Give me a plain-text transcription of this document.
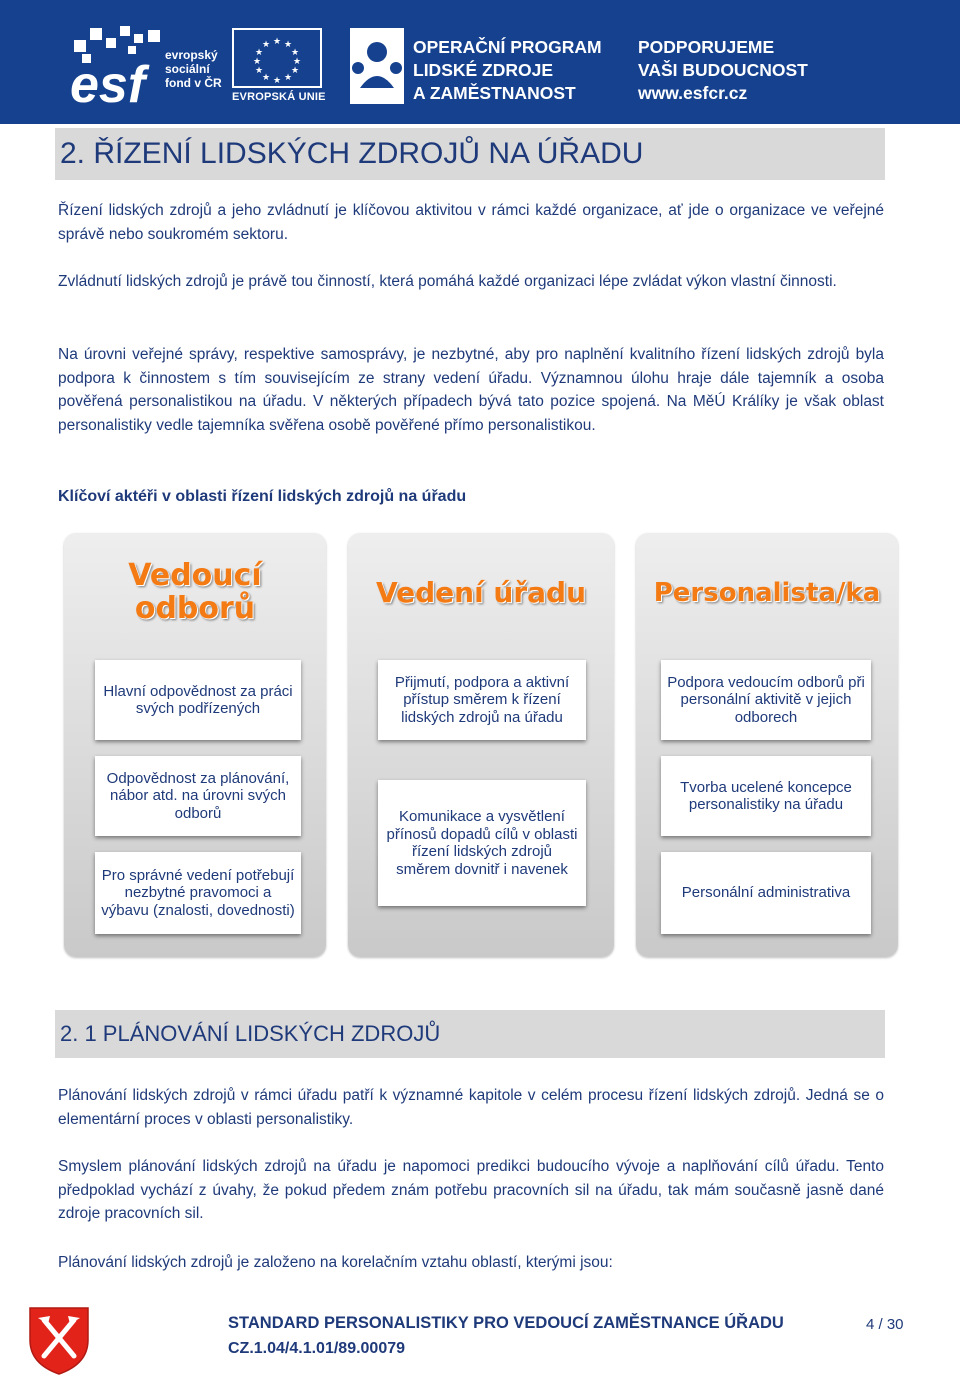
esf
evropský
sociální
fond v ČR
★ ★
★
★
★
★
★
★
★
★
★
★
EVROPSKÁ UNIE
OPERAČNÍ PROGRAM
LIDSKÉ ZDROJE
A ZAMĚSTNANOST
PODPORUJEME
VAŠI BUDOUCNOST
www.esfcr.cz
2. ŘÍZENÍ LIDSKÝCH ZDROJŮ NA ÚŘADU
Řízení lidských zdrojů a jeho zvládnutí je klíčovou aktivitou v rámci každé organizace, ať jde o organizace ve veřejné správě nebo soukromém sektoru.
Zvládnutí lidských zdrojů je právě tou činností, která pomáhá každé organizaci lépe zvládat výkon vlastní činnosti.
Na úrovni veřejné správy, respektive samosprávy, je nezbytné, aby pro naplnění kvalitního řízení lidských zdrojů byla podpora k činnostem s tím souvisejícím ze strany vedení úřadu. Významnou úlohu hraje dále tajemník a osoba pověřená personalistikou na úřadu. V některých případech bývá tato pozice spojená. Na MěÚ Králíky je však oblast personalistiky vedle tajemníka svěřena osobě pověřené přímo personalistikou.
Klíčoví aktéři v oblasti řízení lidských zdrojů na úřadu
Vedoucí
odborů	Vedení úřadu	Personalista/ka
Hlavní odpovědnost za práci svých podřízených
Odpovědnost za plánování, nábor atd. na úrovni svých odborů
Pro správné vedení potřebují nezbytné pravomoci a výbavu (znalosti, dovednosti)
Přijmutí, podpora a aktivní přístup směrem k řízení lidských zdrojů na úřadu
Komunikace a vysvětlení přínosů dopadů cílů v oblasti řízení lidských zdrojů směrem dovnitř i navenek
Podpora vedoucím odborů při personální aktivitě v jejich odborech
Tvorba ucelené koncepce personalistiky na úřadu
Personální administrativa
2. 1 PLÁNOVÁNÍ LIDSKÝCH ZDROJŮ
Plánování lidských zdrojů v rámci úřadu patří k významné kapitole v celém procesu řízení lidských zdrojů. Jedná se o elementární proces v oblasti personalistiky.
Smyslem plánování lidských zdrojů na úřadu je napomoci predikci budoucího vývoje a naplňování cílů úřadu. Tento předpoklad vychází z úvahy, že pokud předem znám potřebu pracovních sil na úřadu, tak mám současně jasně dané zdroje pracovních sil.
Plánování lidských zdrojů je založeno na korelačním vztahu oblastí, kterými jsou:
STANDARD PERSONALISTIKY PRO VEDOUCÍ ZAMĚSTNANCE ÚŘADU
CZ.1.04/4.1.01/89.00079
4 / 30
